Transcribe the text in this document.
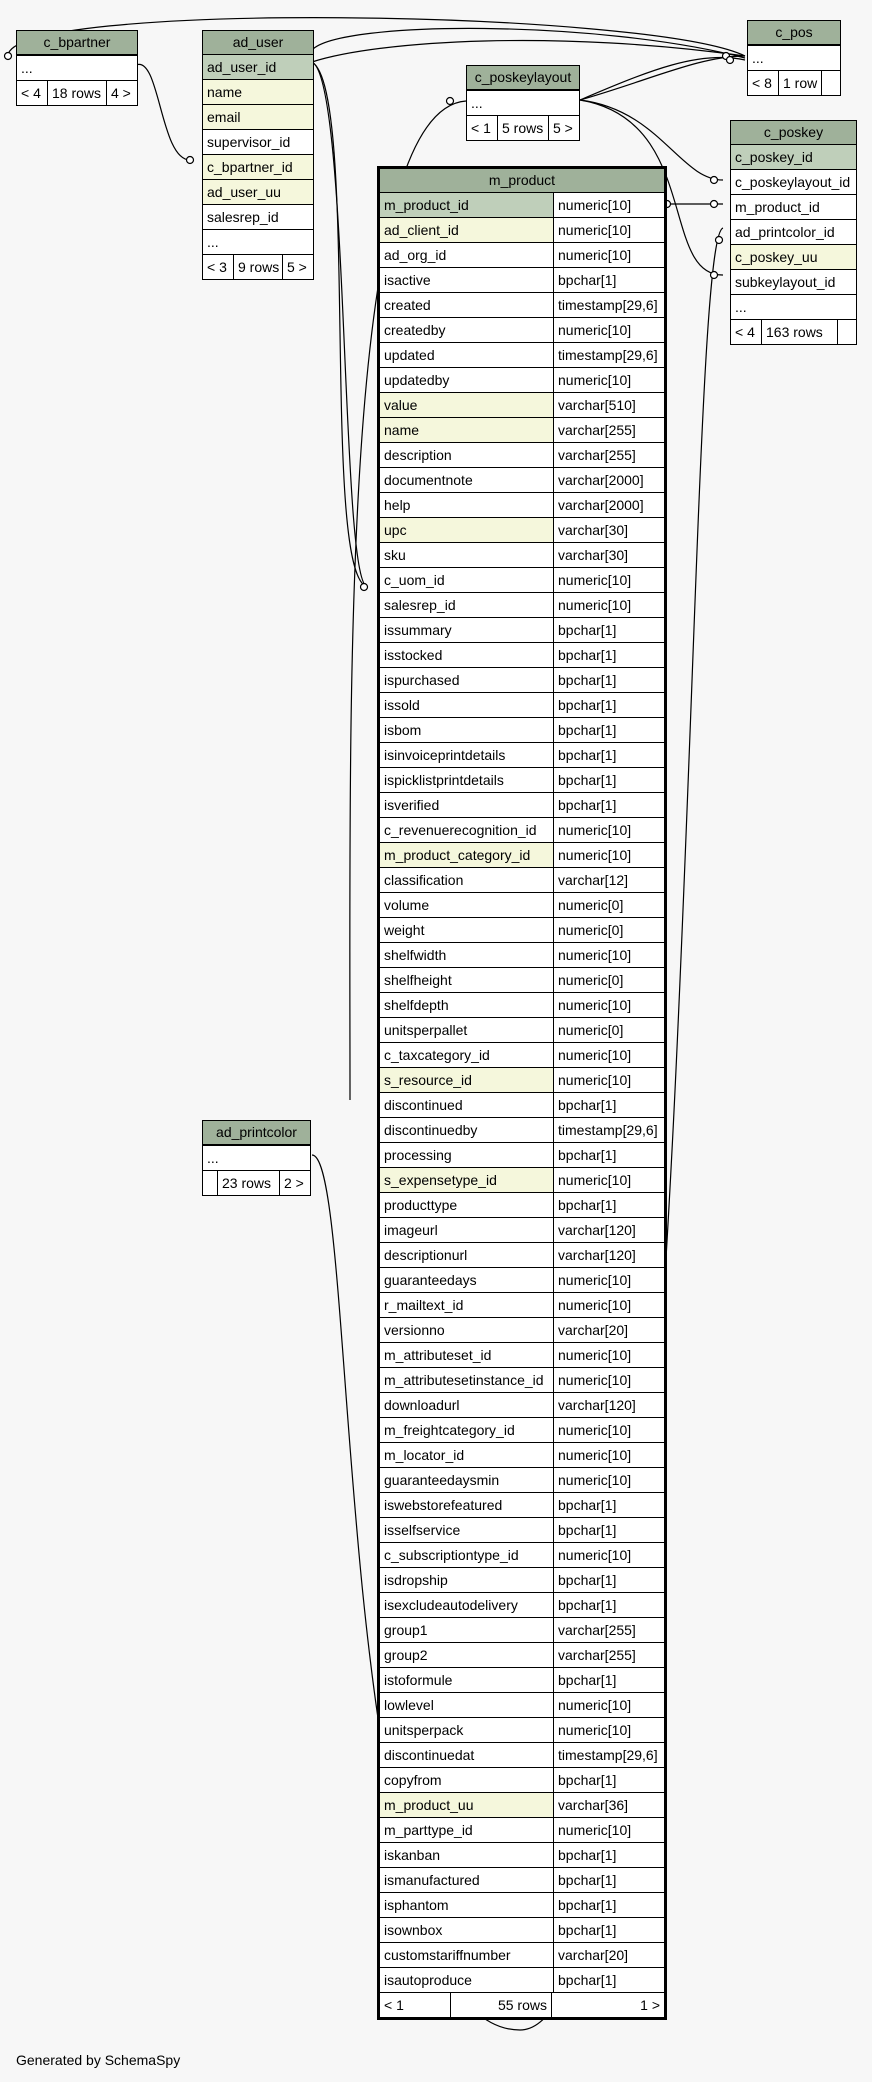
c_bpartner
...
< 4 18 rows 4 >
ad_user
ad_user_id
name
email
supervisor_id
c_bpartner_id
ad_user_uu
salesrep_id
...
< 3 9 rows 5 >
c_poskeylayout
...
< 1 5 rows 5 >
c_pos
...
< 8 1 row
c_poskey
c_poskey_id
c_poskeylayout_id
m_product_id
ad_printcolor_id
c_poskey_uu
subkeylayout_id
...
< 4 163 rows
ad_printcolor
...
23 rows 2 >
m_product
m_product_id	numeric[10]
ad_client_id	numeric[10]
ad_org_id	numeric[10]
isactive	bpchar[1]
created	timestamp[29,6]
createdby	numeric[10]
updated	timestamp[29,6]
updatedby	numeric[10]
value	varchar[510]
name	varchar[255]
description	varchar[255]
documentnote	varchar[2000]
help	varchar[2000]
upc	varchar[30]
sku	varchar[30]
c_uom_id	numeric[10]
salesrep_id	numeric[10]
issummary	bpchar[1]
isstocked	bpchar[1]
ispurchased	bpchar[1]
issold	bpchar[1]
isbom	bpchar[1]
isinvoiceprintdetails	bpchar[1]
ispicklistprintdetails	bpchar[1]
isverified	bpchar[1]
c_revenuerecognition_id	numeric[10]
m_product_category_id	numeric[10]
classification	varchar[12]
volume	numeric[0]
weight	numeric[0]
shelfwidth	numeric[10]
shelfheight	numeric[0]
shelfdepth	numeric[10]
unitsperpallet	numeric[0]
c_taxcategory_id	numeric[10]
s_resource_id	numeric[10]
discontinued	bpchar[1]
discontinuedby	timestamp[29,6]
processing	bpchar[1]
s_expensetype_id	numeric[10]
producttype	bpchar[1]
imageurl	varchar[120]
descriptionurl	varchar[120]
guaranteedays	numeric[10]
r_mailtext_id	numeric[10]
versionno	varchar[20]
m_attributeset_id	numeric[10]
m_attributesetinstance_id	numeric[10]
downloadurl	varchar[120]
m_freightcategory_id	numeric[10]
m_locator_id	numeric[10]
guaranteedaysmin	numeric[10]
iswebstorefeatured	bpchar[1]
isselfservice	bpchar[1]
c_subscriptiontype_id	numeric[10]
isdropship	bpchar[1]
isexcludeautodelivery	bpchar[1]
group1	varchar[255]
group2	varchar[255]
istoformule	bpchar[1]
lowlevel	numeric[10]
unitsperpack	numeric[10]
discontinuedat	timestamp[29,6]
copyfrom	bpchar[1]
m_product_uu	varchar[36]
m_parttype_id	numeric[10]
iskanban	bpchar[1]
ismanufactured	bpchar[1]
isphantom	bpchar[1]
isownbox	bpchar[1]
customstariffnumber	varchar[20]
isautoproduce	bpchar[1]
< 1	55 rows	1 >
Generated by SchemaSpy
